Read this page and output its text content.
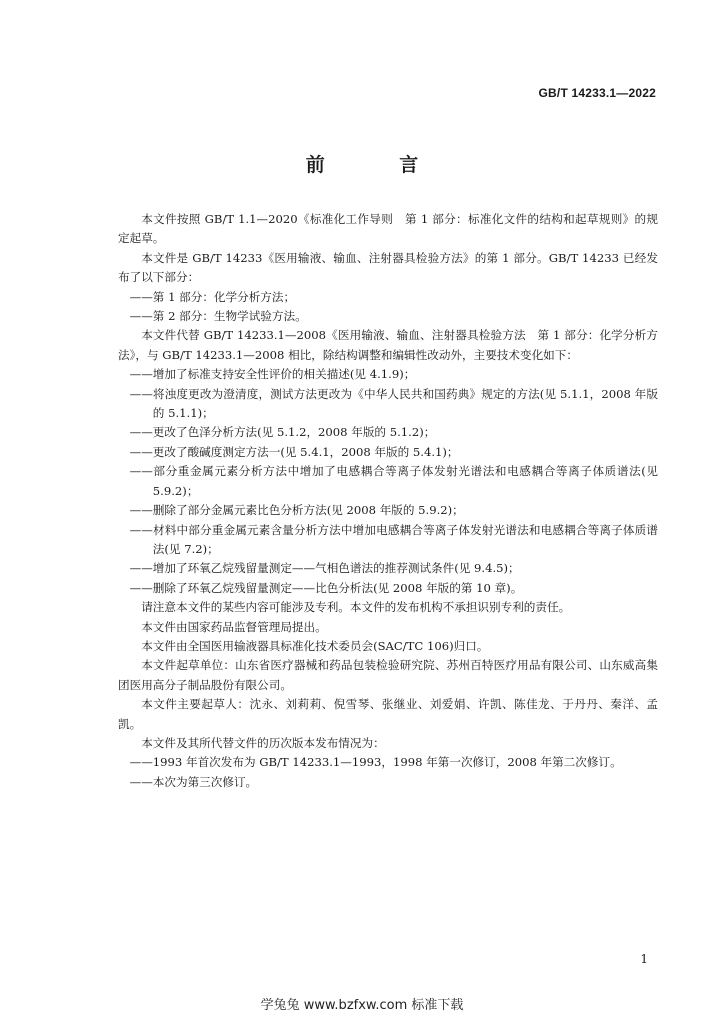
GB/T 14233.1—2022
前 言

本文件按照 GB/T 1.1—2020《标准化工作导则　第 1 部分：标准化文件的结构和起草规则》的规定起草。

本文件是 GB/T 14233《医用输液、输血、注射器具检验方法》的第 1 部分。GB/T 14233 已经发布了以下部分：

——第 1 部分：化学分析方法；

——第 2 部分：生物学试验方法。

本文件代替 GB/T 14233.1—2008《医用输液、输血、注射器具检验方法　第 1 部分：化学分析方法》，与 GB/T 14233.1—2008 相比，除结构调整和编辑性改动外，主要技术变化如下：

——增加了标准支持安全性评价的相关描述(见 4.1.9)；

——将浊度更改为澄清度，测试方法更改为《中华人民共和国药典》规定的方法(见 5.1.1，2008 年版的 5.1.1)；

——更改了色泽分析方法(见 5.1.2，2008 年版的 5.1.2)；

——更改了酸碱度测定方法一(见 5.4.1，2008 年版的 5.4.1)；

——部分重金属元素分析方法中增加了电感耦合等离子体发射光谱法和电感耦合等离子体质谱法(见 5.9.2)；

——删除了部分金属元素比色分析方法(见 2008 年版的 5.9.2)；

——材料中部分重金属元素含量分析方法中增加电感耦合等离子体发射光谱法和电感耦合等离子体质谱法(见 7.2)；

——增加了环氧乙烷残留量测定——气相色谱法的推荐测试条件(见 9.4.5)；

——删除了环氧乙烷残留量测定——比色分析法(见 2008 年版的第 10 章)。

请注意本文件的某些内容可能涉及专利。本文件的发布机构不承担识别专利的责任。

本文件由国家药品监督管理局提出。

本文件由全国医用输液器具标准化技术委员会(SAC/TC 106)归口。

本文件起草单位：山东省医疗器械和药品包装检验研究院、苏州百特医疗用品有限公司、山东威高集团医用高分子制品股份有限公司。

本文件主要起草人：沈永、刘莉莉、倪雪琴、张继业、刘爱娟、许凯、陈佳龙、于丹丹、秦洋、孟凯。

本文件及其所代替文件的历次版本发布情况为：

——1993 年首次发布为 GB/T 14233.1—1993，1998 年第一次修订，2008 年第二次修订。

——本次为第三次修订。

1
学兔兔 www.bzfxw.com 标准下载
